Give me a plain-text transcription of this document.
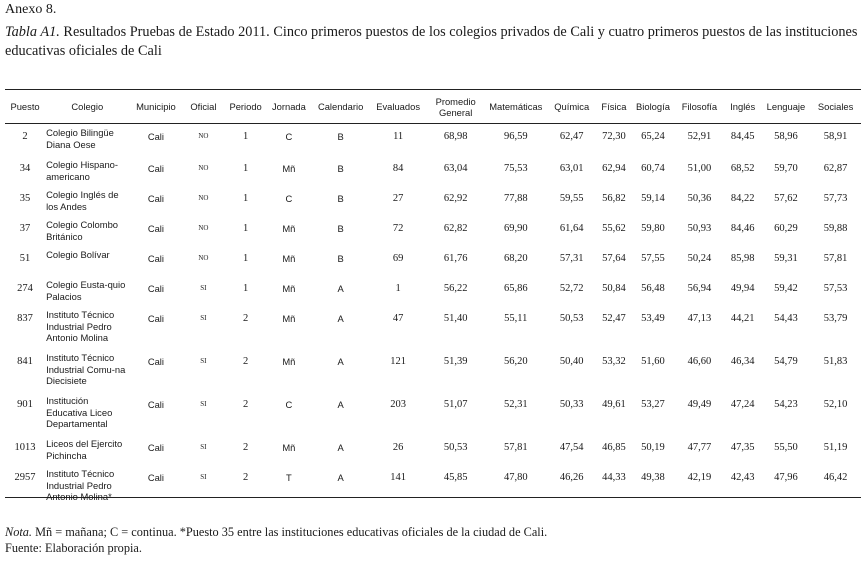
Anexo 8.
Tabla A1. Resultados Pruebas de Estado 2011. Cinco primeros puestos de los colegios privados de Cali y cuatro primeros puestos de las instituciones educativas oficiales de Cali
Puesto	Colegio	Municipio	Oficial	Periodo	Jornada	Calendario	Evaluados	Promedio General	Matemáticas	Química	Física	Biología	Filosofía	Inglés	Lenguaje	Sociales
2	Colegio Bilingüe Diana Oese	Cali	no	1	C	B	11	68,98	96,59	62,47	72,30	65,24	52,91	84,45	58,96	58,91
34	Colegio Hispano-americano	Cali	no	1	Mñ	B	84	63,04	75,53	63,01	62,94	60,74	51,00	68,52	59,70	62,87
35	Colegio Inglés de los Andes	Cali	no	1	C	B	27	62,92	77,88	59,55	56,82	59,14	50,36	84,22	57,62	57,73
37	Colegio Colombo Británico	Cali	no	1	Mñ	B	72	62,82	69,90	61,64	55,62	59,80	50,93	84,46	60,29	59,88
51	Colegio Bolívar	Cali	no	1	Mñ	B	69	61,76	68,20	57,31	57,64	57,55	50,24	85,98	59,31	57,81
274	Colegio Eusta-quio Palacios	Cali	si	1	Mñ	A	1	56,22	65,86	52,72	50,84	56,48	56,94	49,94	59,42	57,53
837	Instituto Técnico Industrial Pedro Antonio Molina	Cali	si	2	Mñ	A	47	51,40	55,11	50,53	52,47	53,49	47,13	44,21	54,43	53,79
841	Instituto Técnico Industrial Comu-na Diecisiete	Cali	si	2	Mñ	A	121	51,39	56,20	50,40	53,32	51,60	46,60	46,34	54,79	51,83
901	Institución Educativa Liceo Departamental	Cali	si	2	C	A	203	51,07	52,31	50,33	49,61	53,27	49,49	47,24	54,23	52,10
1013	Liceos del Ejercito Pichincha	Cali	si	2	Mñ	A	26	50,53	57,81	47,54	46,85	50,19	47,77	47,35	55,50	51,19
2957	Instituto Técnico Industrial Pedro Antonio Molina*	Cali	si	2	T	A	141	45,85	47,80	46,26	44,33	49,38	42,19	42,43	47,96	46,42
Nota. Mñ = mañana; C = continua. *Puesto 35 entre las instituciones educativas oficiales de la ciudad de Cali.
Fuente: Elaboración propia.
